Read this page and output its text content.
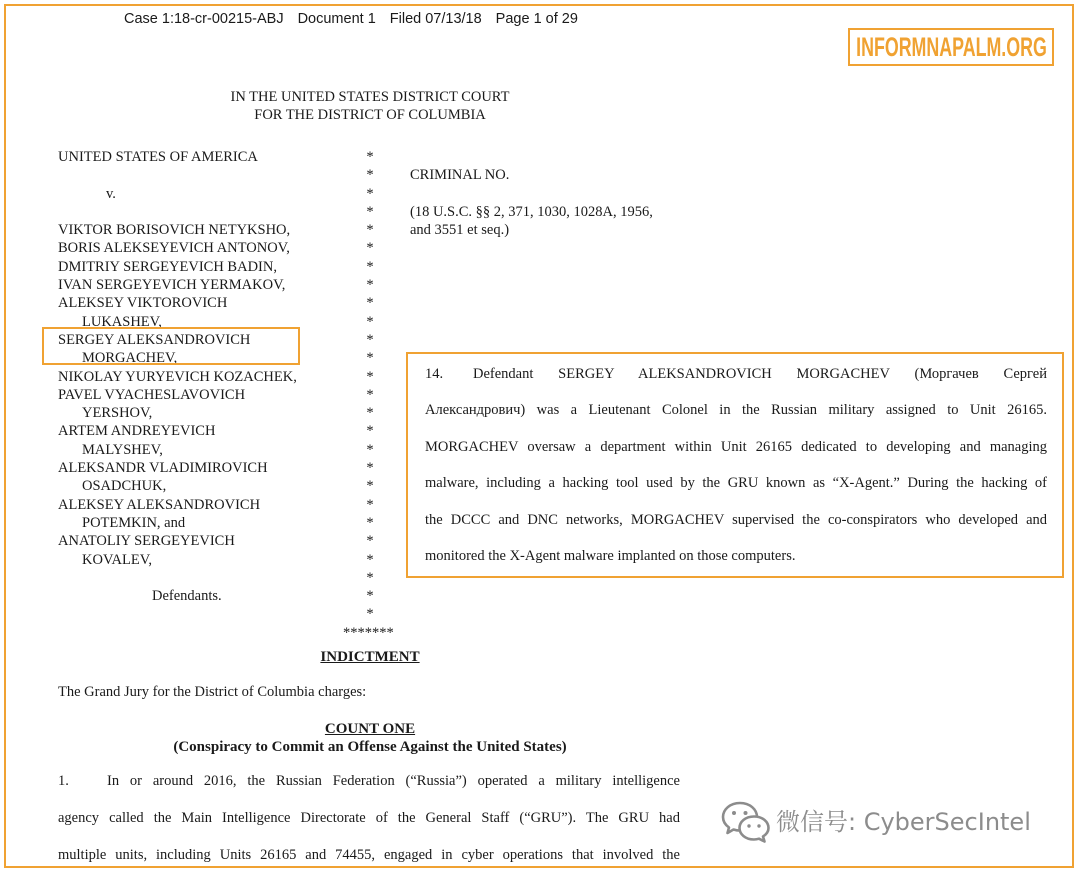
Case 1:18-cr-00215-ABJ Document 1 Filed 07/13/18 Page 1 of 29
INFORMNAPALM.ORG
IN THE UNITED STATES DISTRICT COURT
FOR THE DISTRICT OF COLUMBIA
UNITED STATES OF AMERICA
v.
VIKTOR BORISOVICH NETYKSHO,
BORIS ALEKSEYEVICH ANTONOV,
DMITRIY SERGEYEVICH BADIN,
IVAN SERGEYEVICH YERMAKOV,
ALEKSEY VIKTOROVICH
LUKASHEV,
SERGEY ALEKSANDROVICH
MORGACHEV,
NIKOLAY YURYEVICH KOZACHEK,
PAVEL VYACHESLAVOVICH
YERSHOV,
ARTEM ANDREYEVICH
MALYSHEV,
ALEKSANDR VLADIMIROVICH
OSADCHUK,
ALEKSEY ALEKSANDROVICH
POTEMKIN, and
ANATOLIY SERGEYEVICH
KOVALEV,
Defendants.
*
*
*
*
*
*
*
*
*
*
*
*
*
*
*
*
*
*
*
*
*
*
*
*
*
*
*******
CRIMINAL NO.
(18 U.S.C. §§ 2, 371, 1030, 1028A, 1956,
and 3551 et seq.)
14.	Defendant SERGEY ALEKSANDROVICH MORGACHEV (Моргачев Сергей
Александрович) was a Lieutenant Colonel in the Russian military assigned to Unit 26165.
MORGACHEV oversaw a department within Unit 26165 dedicated to developing and managing
malware, including a hacking tool used by the GRU known as “X-Agent.” During the hacking of
the DCCC and DNC networks, MORGACHEV supervised the co-conspirators who developed and
monitored the X-Agent malware implanted on those computers.
INDICTMENT
The Grand Jury for the District of Columbia charges:
COUNT ONE
(Conspiracy to Commit an Offense Against the United States)
1.	In or around 2016, the Russian Federation (“Russia”) operated a military intelligence
agency called the Main Intelligence Directorate of the General Staff (“GRU”). The GRU had
multiple units, including Units 26165 and 74455, engaged in cyber operations that involved the
微信号: CyberSecIntel
